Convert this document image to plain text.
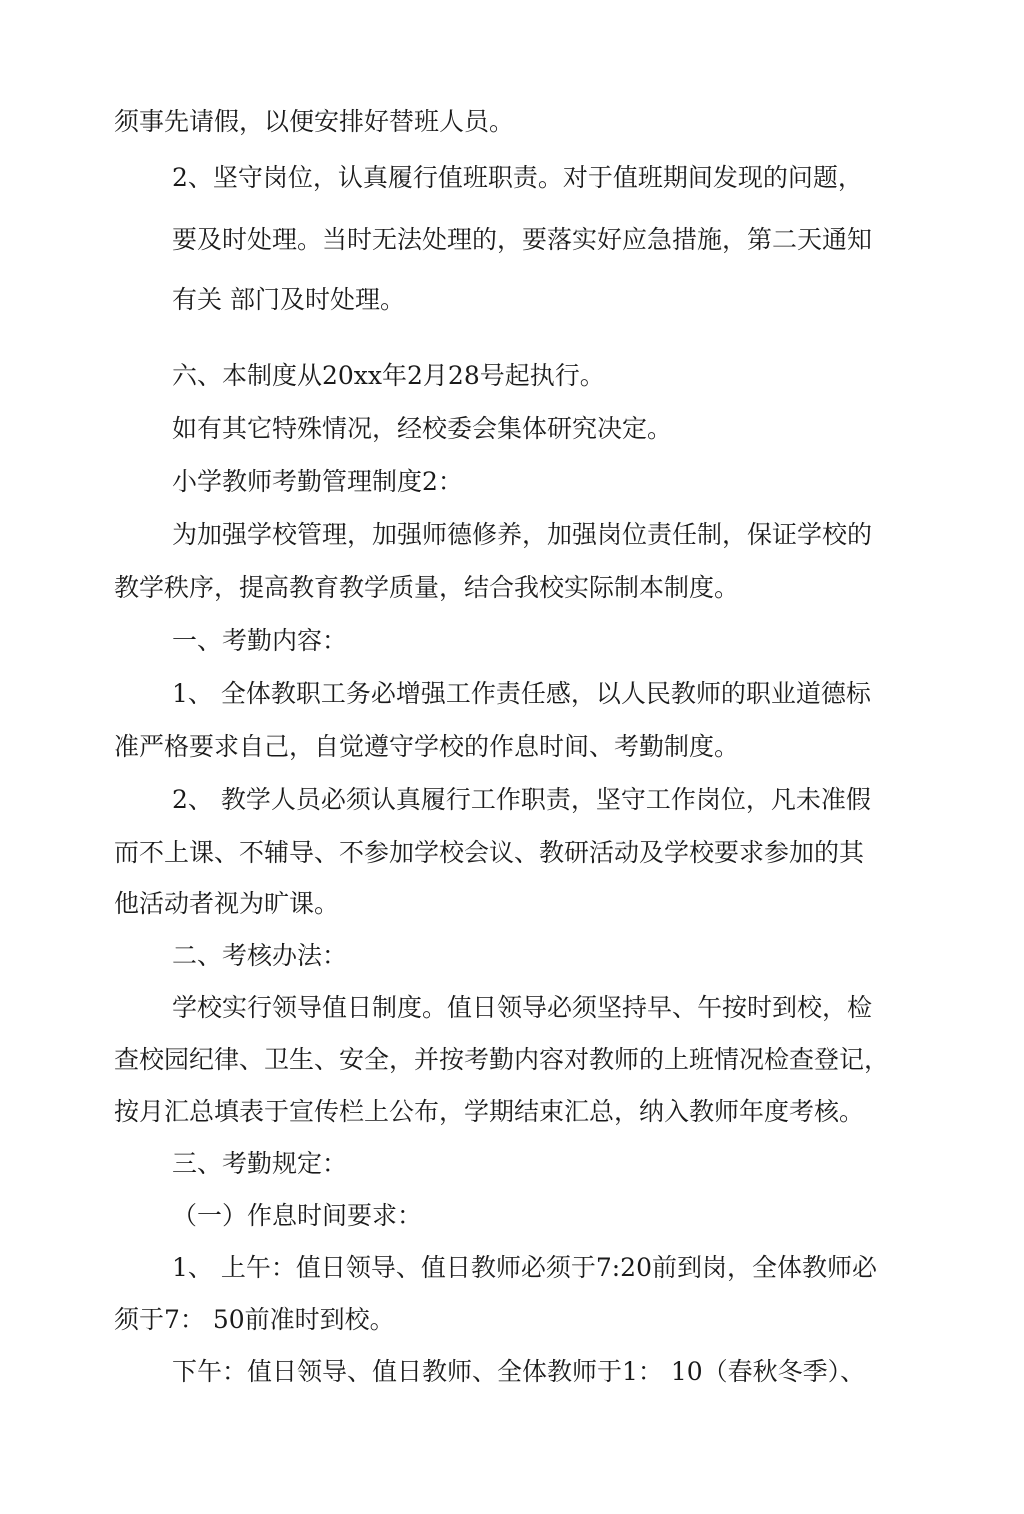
须事先请假，以便安排好替班人员。
2、坚守岗位，认真履行值班职责。对于值班期间发现的问题，
要及时处理。当时无法处理的，要落实好应急措施，第二天通知
有关 部门及时处理。
六、本制度从20xx年2月28号起执行。
如有其它特殊情况，经校委会集体研究决定。
小学教师考勤管理制度2：
为加强学校管理，加强师德修养，加强岗位责任制，保证学校的
教学秩序，提高教育教学质量，结合我校实际制本制度。
一、考勤内容：
1、 全体教职工务必增强工作责任感，以人民教师的职业道德标
准严格要求自己，自觉遵守学校的作息时间、考勤制度。
2、 教学人员必须认真履行工作职责，坚守工作岗位，凡未准假
而不上课、不辅导、不参加学校会议、教研活动及学校要求参加的其
他活动者视为旷课。
二、考核办法：
学校实行领导值日制度。值日领导必须坚持早、午按时到校，检
查校园纪律、卫生、安全，并按考勤内容对教师的上班情况检查登记，
按月汇总填表于宣传栏上公布，学期结束汇总，纳入教师年度考核。
三、考勤规定：
（一）作息时间要求：
1、 上午：值日领导、值日教师必须于7:20前到岗，全体教师必
须于7： 50前准时到校。
下午：值日领导、值日教师、全体教师于1： 10（春秋冬季）、
